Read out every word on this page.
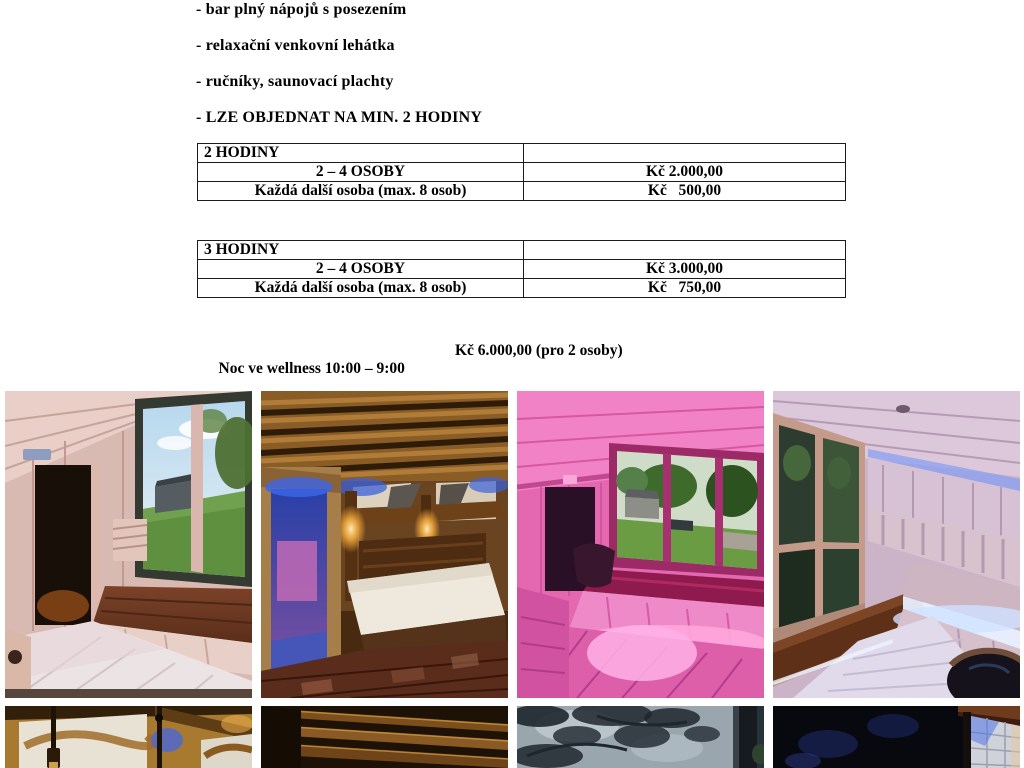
- bar plný nápojů s posezením

- relaxační venkovní lehátka

- ručníky, saunovací plachty

- LZE OBJEDNAT NA MIN. 2 HODINY

2 HODINY	
2 – 4 OSOBY	Kč 2.000,00
Každá další osoba (max. 8 osob)	Kč   500,00
3 HODINY	
2 – 4 OSOBY	Kč 3.000,00
Každá další osoba (max. 8 osob)	Kč   750,00

Noc ve wellness 10:00 – 9:00

Kč 6.000,00 (pro 2 osoby)
